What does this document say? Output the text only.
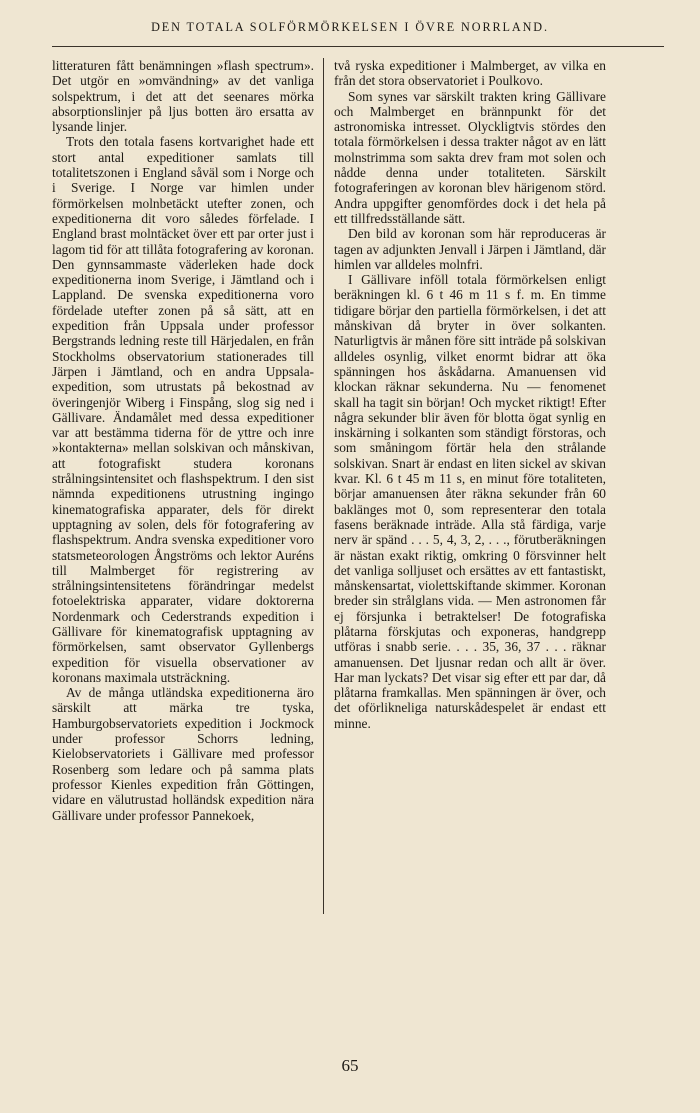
DEN TOTALA SOLFÖRMÖRKELSEN I ÖVRE NORRLAND.

litteraturen fått benämningen »flash spectrum». Det utgör en »omvändning» av det vanliga solspektrum, i det att det seenares mörka absorptionslinjer på ljus botten äro ersatta av lysande linjer.

Trots den totala fasens kortvarighet hade ett stort antal expeditioner samlats till totalitetszonen i England såväl som i Norge och i Sverige. I Norge var himlen under förmörkelsen molnbetäckt utefter zonen, och expeditionerna dit voro således förfelade. I England brast molntäcket över ett par orter just i lagom tid för att tillåta fotografering av koronan. Den gynnsammaste väderleken hade dock expeditionerna inom Sverige, i Jämtland och i Lappland. De svenska expeditionerna voro fördelade utefter zonen på så sätt, att en expedition från Uppsala under professor Bergstrands ledning reste till Härjedalen, en från Stockholms observatorium stationerades till Järpen i Jämtland, och en andra Uppsala-expedition, som utrustats på bekostnad av överingenjör Wiberg i Finspång, slog sig ned i Gällivare. Ändamålet med dessa expeditioner var att bestämma tiderna för de yttre och inre »kontakterna» mellan solskivan och månskivan, att fotografiskt studera koronans strålningsintensitet och flashspektrum. I den sist nämnda expeditionens utrustning ingingo kinematografiska apparater, dels för direkt upptagning av solen, dels för fotografering av flashspektrum. Andra svenska expeditioner voro statsmeteorologen Ångströms och lektor Auréns till Malmberget för registrering av strålningsintensitetens förändringar medelst fotoelektriska apparater, vidare doktorerna Nordenmark och Cederstrands expedition i Gällivare för kinematografisk upptagning av förmörkelsen, samt observator Gyllenbergs expedition för visuella observationer av koronans maximala utsträckning.

Av de många utländska expeditionerna äro särskilt att märka tre tyska, Hamburgobservatoriets expedition i Jockmock under professor Schorrs ledning, Kielobservatoriets i Gällivare med professor Rosenberg som ledare och på samma plats professor Kienles expedition från Göttingen, vidare en välutrustad holländsk expedition nära Gällivare under professor Pannekoek,

två ryska expeditioner i Malmberget, av vilka en från det stora observatoriet i Poulkovo.

Som synes var särskilt trakten kring Gällivare och Malmberget en brännpunkt för det astronomiska intresset. Olyckligtvis stördes den totala förmörkelsen i dessa trakter något av en lätt molnstrimma som sakta drev fram mot solen och nådde denna under totaliteten. Särskilt fotograferingen av koronan blev härigenom störd. Andra uppgifter genomfördes dock i det hela på ett tillfredsställande sätt.

Den bild av koronan som här reproduceras är tagen av adjunkten Jenvall i Järpen i Jämtland, där himlen var alldeles molnfri.

I Gällivare inföll totala förmörkelsen enligt beräkningen kl. 6 t 46 m 11 s f. m. En timme tidigare börjar den partiella förmörkelsen, i det att månskivan då bryter in över solkanten. Naturligtvis är månen före sitt inträde på solskivan alldeles osynlig, vilket enormt bidrar att öka spänningen hos åskådarna. Amanuensen vid klockan räknar sekunderna. Nu — fenomenet skall ha tagit sin början! Och mycket riktigt! Efter några sekunder blir även för blotta ögat synlig en inskärning i solkanten som ständigt förstoras, och som småningom förtär hela den strålande solskivan. Snart är endast en liten sickel av skivan kvar. Kl. 6 t 45 m 11 s, en minut före totaliteten, börjar amanuensen åter räkna sekunder från 60 baklänges mot 0, som representerar den totala fasens beräknade inträde. Alla stå färdiga, varje nerv är spänd . . . 5, 4, 3, 2, . . ., förutberäkningen är nästan exakt riktig, omkring 0 försvinner helt det vanliga solljuset och ersättes av ett fantastiskt, månskensartat, violettskiftande skimmer. Koronan breder sin strålglans vida. — Men astronomen får ej försjunka i betraktelser! De fotografiska plåtarna förskjutas och exponeras, handgrepp utföras i snabb serie. . . . 35, 36, 37 . . . räknar amanuensen. Det ljusnar redan och allt är över. Har man lyckats? Det visar sig efter ett par dar, då plåtarna framkallas. Men spänningen är över, och det oförlikneliga naturskådespelet är endast ett minne.

65
